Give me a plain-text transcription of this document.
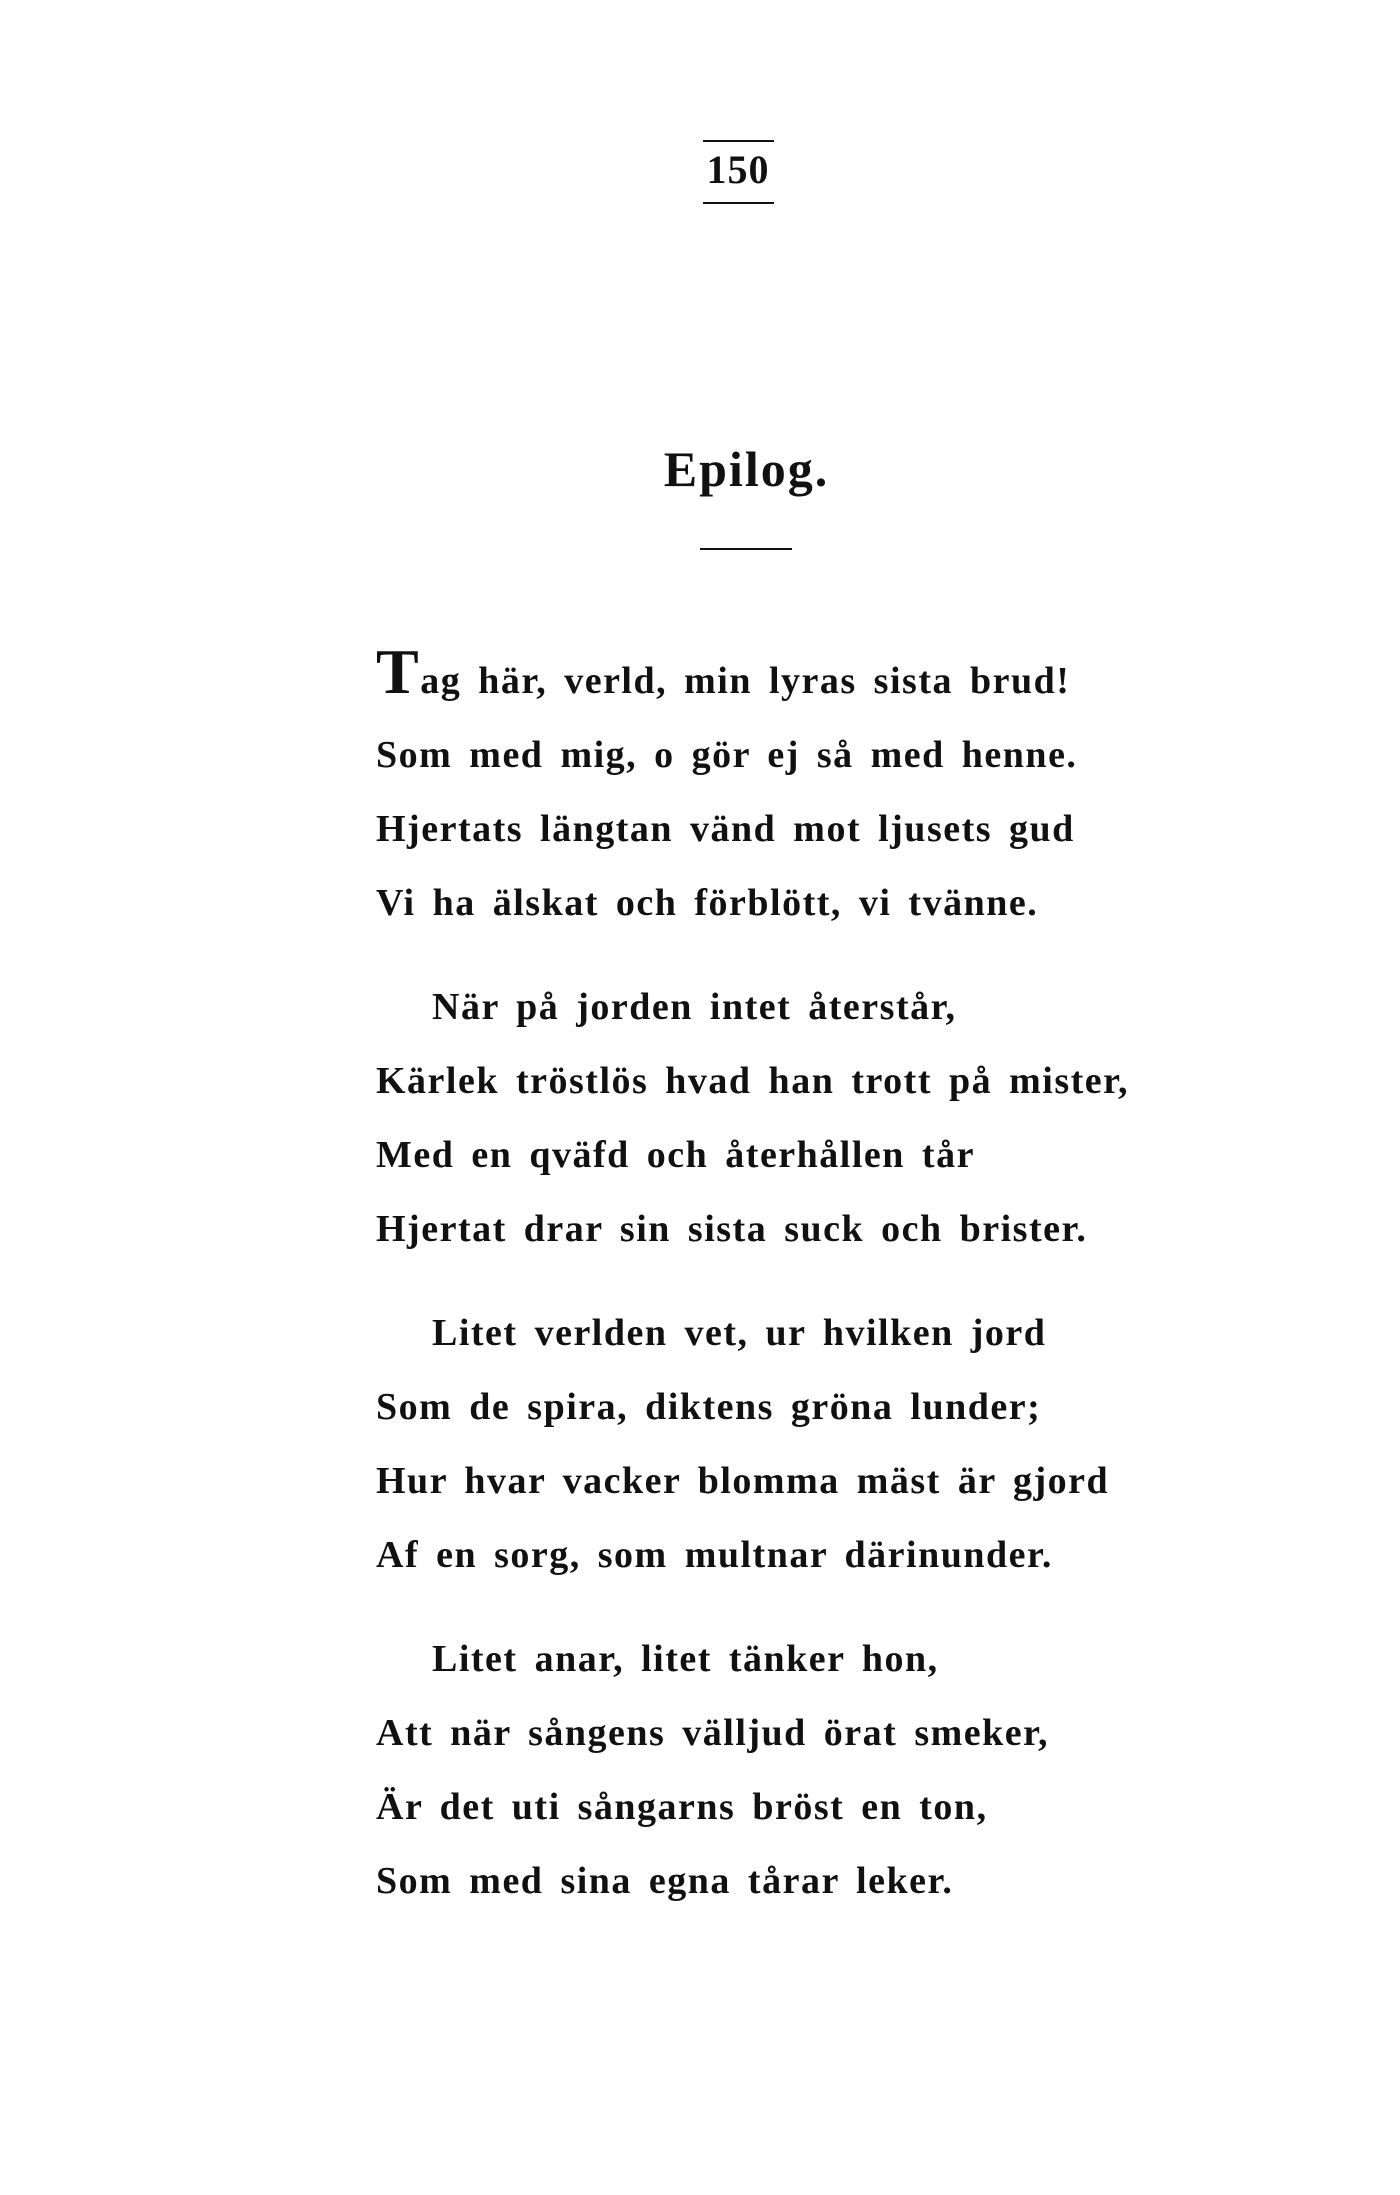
150
Epilog.
Tag här, verld, min lyras sista brud!
Som med mig, o gör ej så med henne.
Hjertats längtan vänd mot ljusets gud
Vi ha älskat och förblött, vi tvänne.
När på jorden intet återstår,
Kärlek tröstlös hvad han trott på mister,
Med en qväfd och återhållen tår
Hjertat drar sin sista suck och brister.
Litet verlden vet, ur hvilken jord
Som de spira, diktens gröna lunder;
Hur hvar vacker blomma mäst är gjord
Af en sorg, som multnar därinunder.
Litet anar, litet tänker hon,
Att när sångens välljud örat smeker,
Är det uti sångarns bröst en ton,
Som med sina egna tårar leker.
